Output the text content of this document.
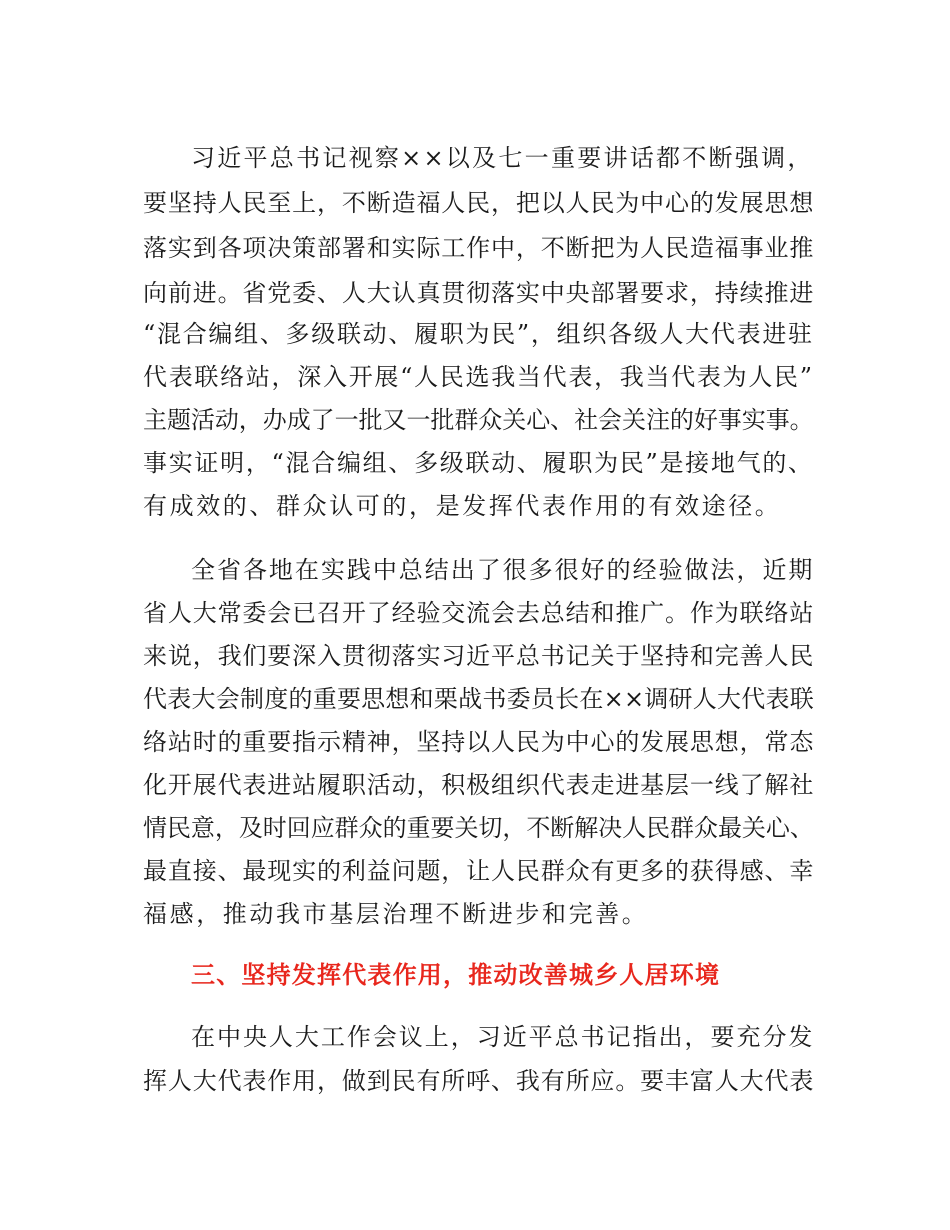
习近平总书记视察××以及七一重要讲话都不断强调，
要坚持人民至上，不断造福人民，把以人民为中心的发展思想
落实到各项决策部署和实际工作中，不断把为人民造福事业推
向前进。省党委、人大认真贯彻落实中央部署要求，持续推进
“混合编组、多级联动、履职为民”，组织各级人大代表进驻
代表联络站，深入开展“人民选我当代表，我当代表为人民”
主题活动，办成了一批又一批群众关心、社会关注的好事实事。
事实证明，“混合编组、多级联动、履职为民”是接地气的、
有成效的、群众认可的，是发挥代表作用的有效途径。
全省各地在实践中总结出了很多很好的经验做法，近期
省人大常委会已召开了经验交流会去总结和推广。作为联络站
来说，我们要深入贯彻落实习近平总书记关于坚持和完善人民
代表大会制度的重要思想和栗战书委员长在××调研人大代表联
络站时的重要指示精神，坚持以人民为中心的发展思想，常态
化开展代表进站履职活动，积极组织代表走进基层一线了解社
情民意，及时回应群众的重要关切，不断解决人民群众最关心、
最直接、最现实的利益问题，让人民群众有更多的获得感、幸
福感，推动我市基层治理不断进步和完善。
三、坚持发挥代表作用，推动改善城乡人居环境
在中央人大工作会议上，习近平总书记指出，要充分发
挥人大代表作用，做到民有所呼、我有所应。要丰富人大代表
